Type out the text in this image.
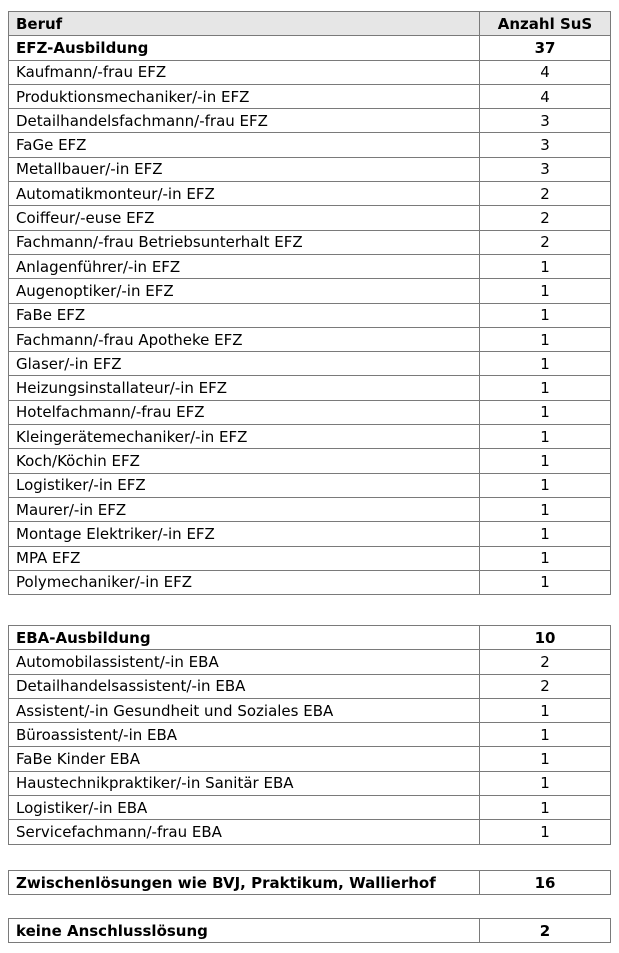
Beruf	Anzahl SuS
EFZ-Ausbildung	37
Kaufmann/-frau EFZ	4
Produktionsmechaniker/-in EFZ	4
Detailhandelsfachmann/-frau EFZ	3
FaGe EFZ	3
Metallbauer/-in EFZ	3
Automatikmonteur/-in EFZ	2
Coiffeur/-euse EFZ	2
Fachmann/-frau Betriebsunterhalt EFZ	2
Anlagenführer/-in EFZ	1
Augenoptiker/-in EFZ	1
FaBe EFZ	1
Fachmann/-frau Apotheke EFZ	1
Glaser/-in EFZ	1
Heizungsinstallateur/-in EFZ	1
Hotelfachmann/-frau EFZ	1
Kleingerätemechaniker/-in EFZ	1
Koch/Köchin EFZ	1
Logistiker/-in EFZ	1
Maurer/-in EFZ	1
Montage Elektriker/-in EFZ	1
MPA EFZ	1
Polymechaniker/-in EFZ	1
EBA-Ausbildung	10
Automobilassistent/-in EBA	2
Detailhandelsassistent/-in EBA	2
Assistent/-in Gesundheit und Soziales EBA	1
Büroassistent/-in EBA	1
FaBe Kinder EBA	1
Haustechnikpraktiker/-in Sanitär EBA	1
Logistiker/-in EBA	1
Servicefachmann/-frau EBA	1
Zwischenlösungen wie BVJ, Praktikum, Wallierhof	16
keine Anschlusslösung	2
